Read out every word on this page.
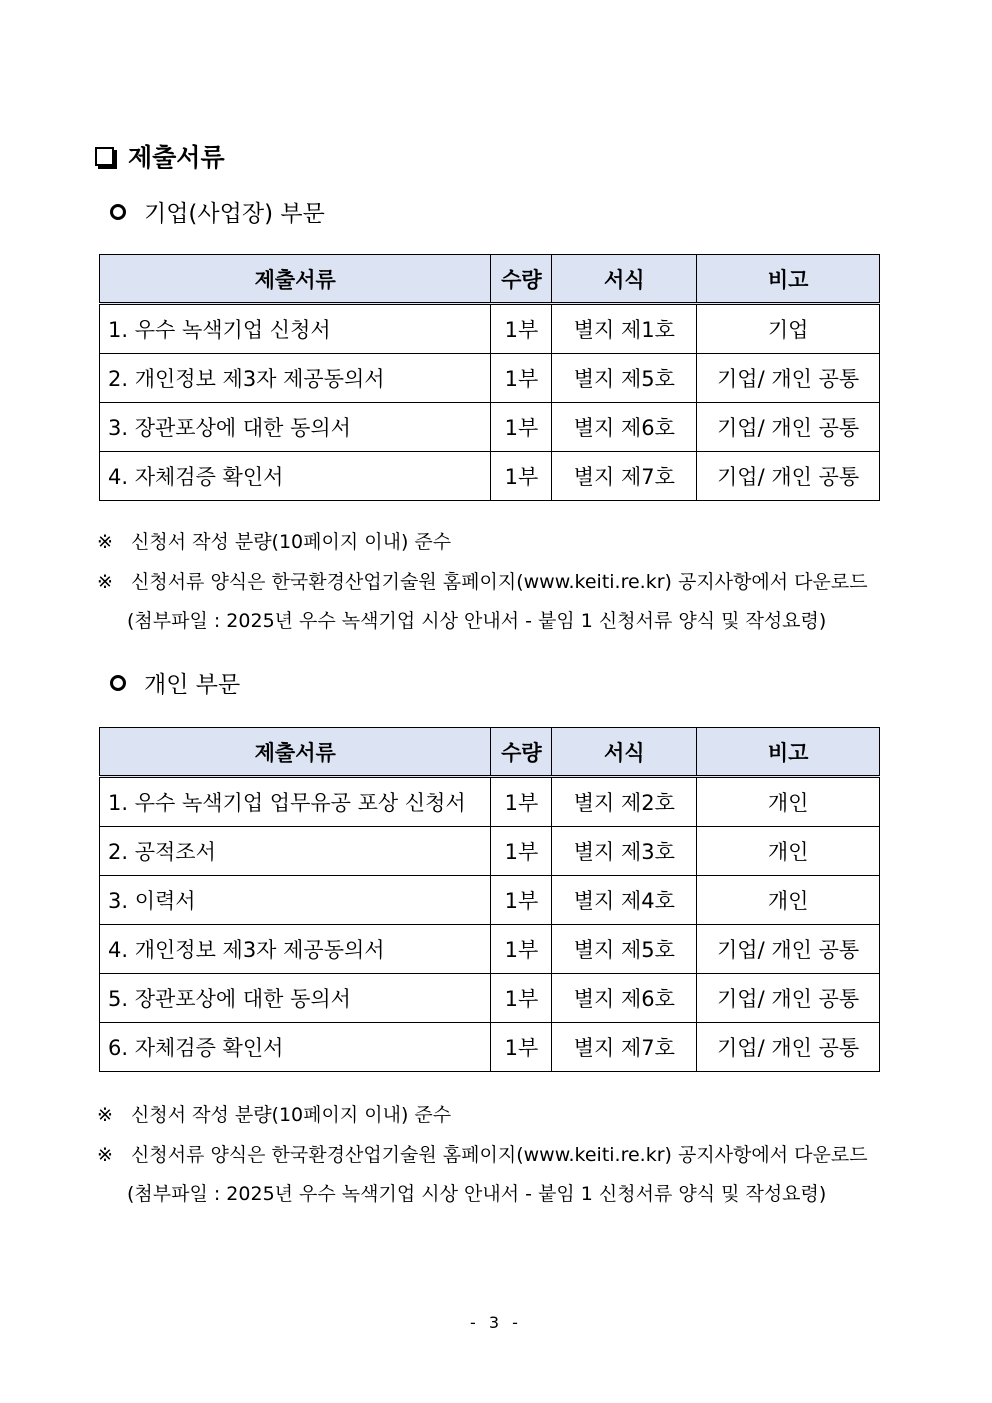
제출서류
기업(사업장) 부문
제출서류	수량	서식	비고
1. 우수 녹색기업 신청서	1부	별지 제1호	기업
2. 개인정보 제3자 제공동의서	1부	별지 제5호	기업/ 개인 공통
3. 장관포상에 대한 동의서	1부	별지 제6호	기업/ 개인 공통
4. 자체검증 확인서	1부	별지 제7호	기업/ 개인 공통
※ 신청서 작성 분량(10페이지 이내) 준수
※ 신청서류 양식은 한국환경산업기술원 홈페이지(www.keiti.re.kr) 공지사항에서 다운로드
(첨부파일 : 2025년 우수 녹색기업 시상 안내서 - 붙임 1 신청서류 양식 및 작성요령)
개인 부문
제출서류	수량	서식	비고
1. 우수 녹색기업 업무유공 포상 신청서	1부	별지 제2호	개인
2. 공적조서	1부	별지 제3호	개인
3. 이력서	1부	별지 제4호	개인
4. 개인정보 제3자 제공동의서	1부	별지 제5호	기업/ 개인 공통
5. 장관포상에 대한 동의서	1부	별지 제6호	기업/ 개인 공통
6. 자체검증 확인서	1부	별지 제7호	기업/ 개인 공통
※ 신청서 작성 분량(10페이지 이내) 준수
※ 신청서류 양식은 한국환경산업기술원 홈페이지(www.keiti.re.kr) 공지사항에서 다운로드
(첨부파일 : 2025년 우수 녹색기업 시상 안내서 - 붙임 1 신청서류 양식 및 작성요령)
- 3 -
